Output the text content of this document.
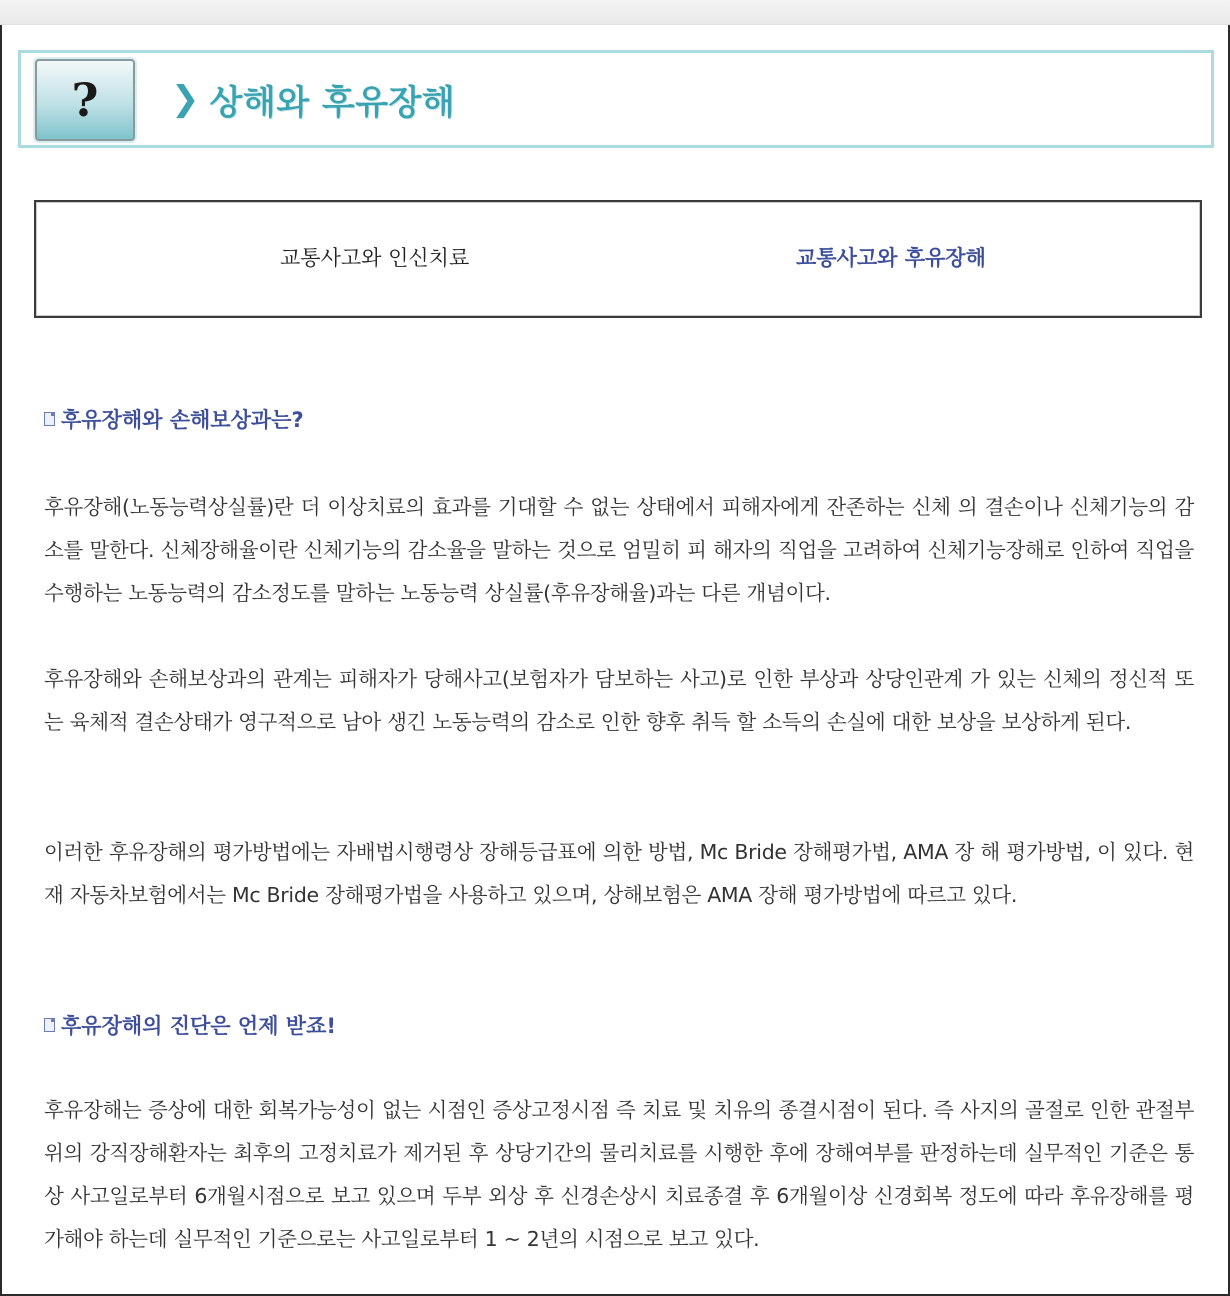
? ❯ 상해와 후유장해
교통사고와 인신치료	교통사고와 후유장해
후유장해와 손해보상과는?
후유장해(노동능력상실률)란 더 이상치료의 효과를 기대할 수 없는 상태에서 피해자에게 잔존하는 신체 의 결손이나 신체기능의 감소를 말한다. 신체장해율이란 신체기능의 감소율을 말하는 것으로 엄밀히 피 해자의 직업을 고려하여 신체기능장해로 인하여 직업을 수행하는 노동능력의 감소정도를 말하는 노동능력 상실률(후유장해율)과는 다른 개념이다.
후유장해와 손해보상과의 관계는 피해자가 당해사고(보험자가 담보하는 사고)로 인한 부상과 상당인관계 가 있는 신체의 정신적 또는 육체적 결손상태가 영구적으로 남아 생긴 노동능력의 감소로 인한 향후 취득 할 소득의 손실에 대한 보상을 보상하게 된다.
이러한 후유장해의 평가방법에는 자배법시행령상 장해등급표에 의한 방법, Mc Bride 장해평가법, AMA 장 해 평가방법, 이 있다. 현재 자동차보험에서는 Mc Bride 장해평가법을 사용하고 있으며, 상해보험은 AMA 장해 평가방법에 따르고 있다.
후유장해의 진단은 언제 받죠!
후유장해는 증상에 대한 회복가능성이 없는 시점인 증상고정시점 즉 치료 및 치유의 종결시점이 된다. 즉 사지의 골절로 인한 관절부위의 강직장해환자는 최후의 고정치료가 제거된 후 상당기간의 물리치료를 시행한 후에 장해여부를 판정하는데 실무적인 기준은 통상 사고일로부터 6개월시점으로 보고 있으며 두부 외상 후 신경손상시 치료종결 후 6개월이상 신경회복 정도에 따라 후유장해를 평가해야 하는데 실무적인 기준으로는 사고일로부터 1 ~ 2년의 시점으로 보고 있다.
